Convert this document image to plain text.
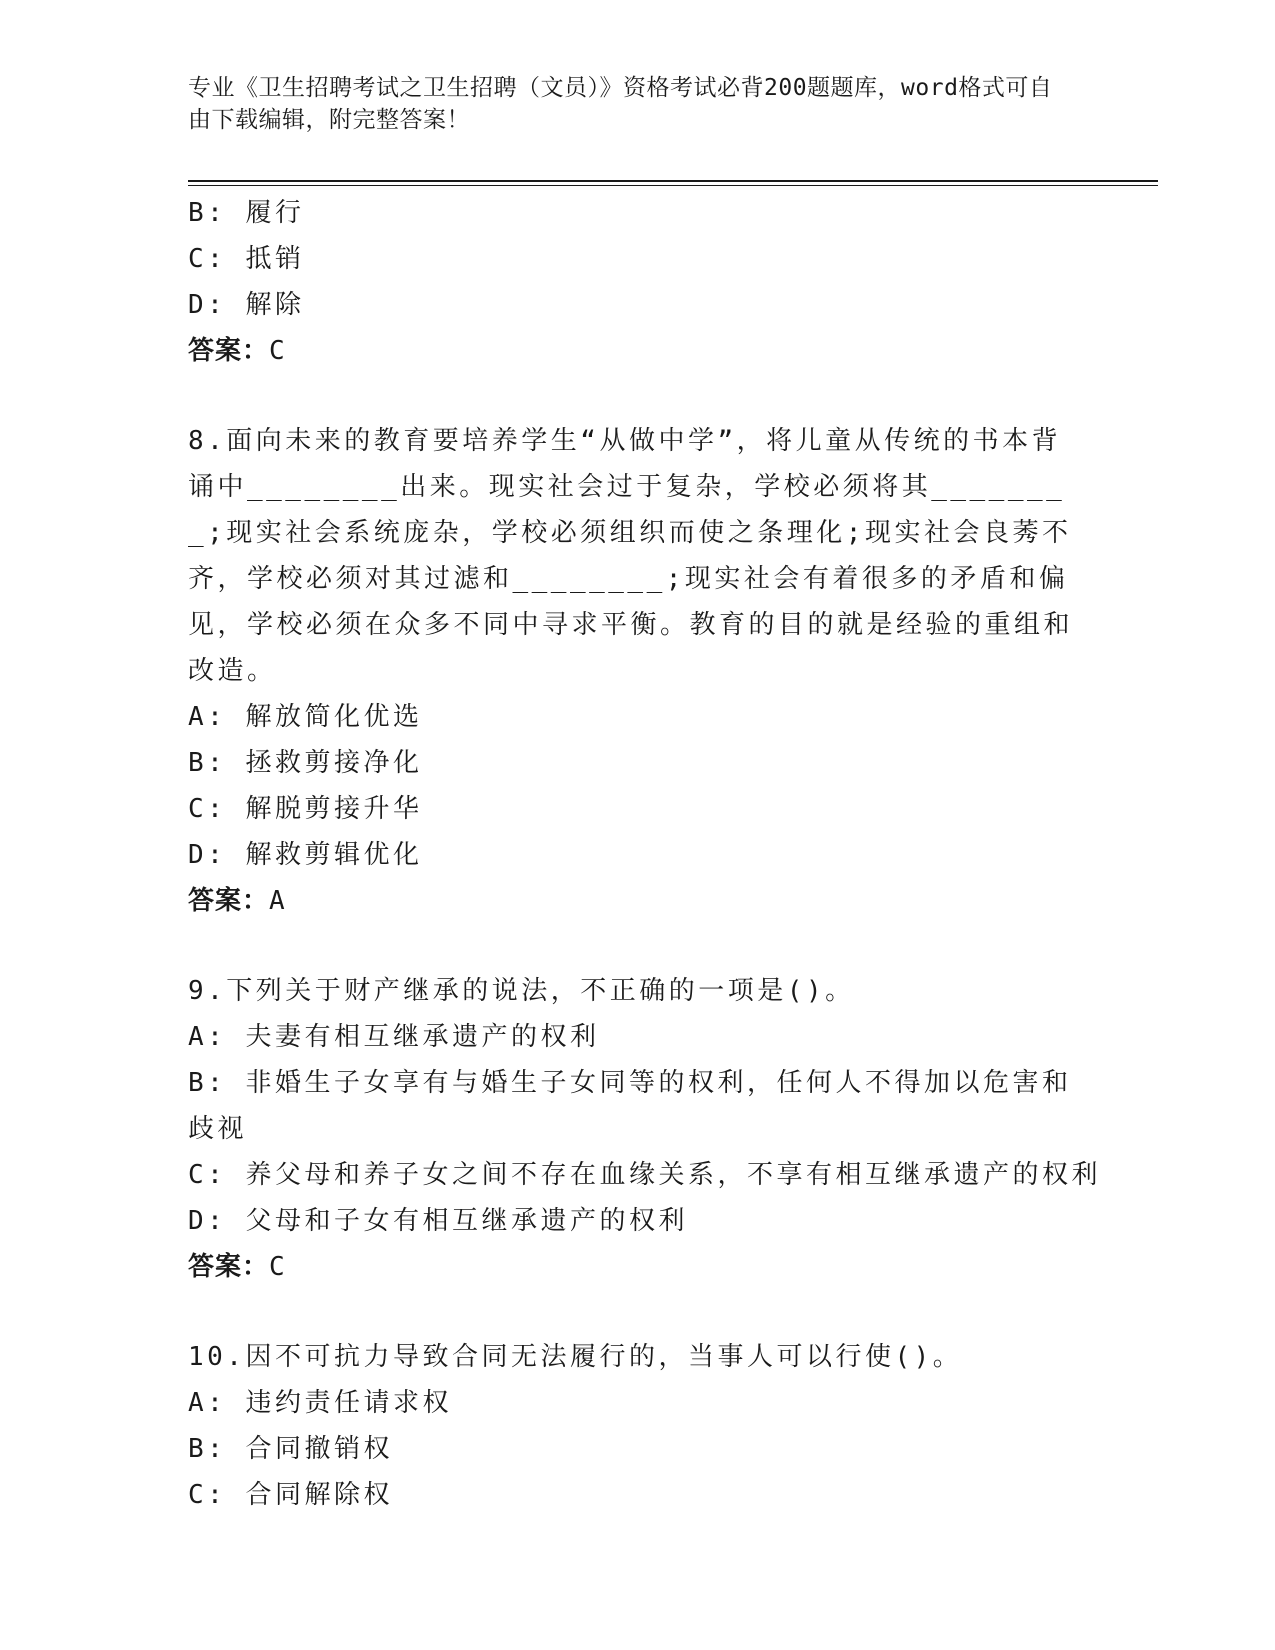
专业《卫生招聘考试之卫生招聘（文员）》资格考试必背200题题库，word格式可自由下载编辑，附完整答案！
B: 履行
C: 抵销
D: 解除
答案：C
8.面向未来的教育要培养学生“从做中学”，将儿童从传统的书本背诵中________出来。现实社会过于复杂，学校必须将其________;现实社会系统庞杂，学校必须组织而使之条理化;现实社会良莠不齐，学校必须对其过滤和________;现实社会有着很多的矛盾和偏见，学校必须在众多不同中寻求平衡。教育的目的就是经验的重组和改造。
A: 解放简化优选
B: 拯救剪接净化
C: 解脱剪接升华
D: 解救剪辑优化
答案：A
9.下列关于财产继承的说法，不正确的一项是()。
A: 夫妻有相互继承遗产的权利
B: 非婚生子女享有与婚生子女同等的权利，任何人不得加以危害和歧视
C: 养父母和养子女之间不存在血缘关系，不享有相互继承遗产的权利
D: 父母和子女有相互继承遗产的权利
答案：C
10.因不可抗力导致合同无法履行的，当事人可以行使()。
A: 违约责任请求权
B: 合同撤销权
C: 合同解除权
